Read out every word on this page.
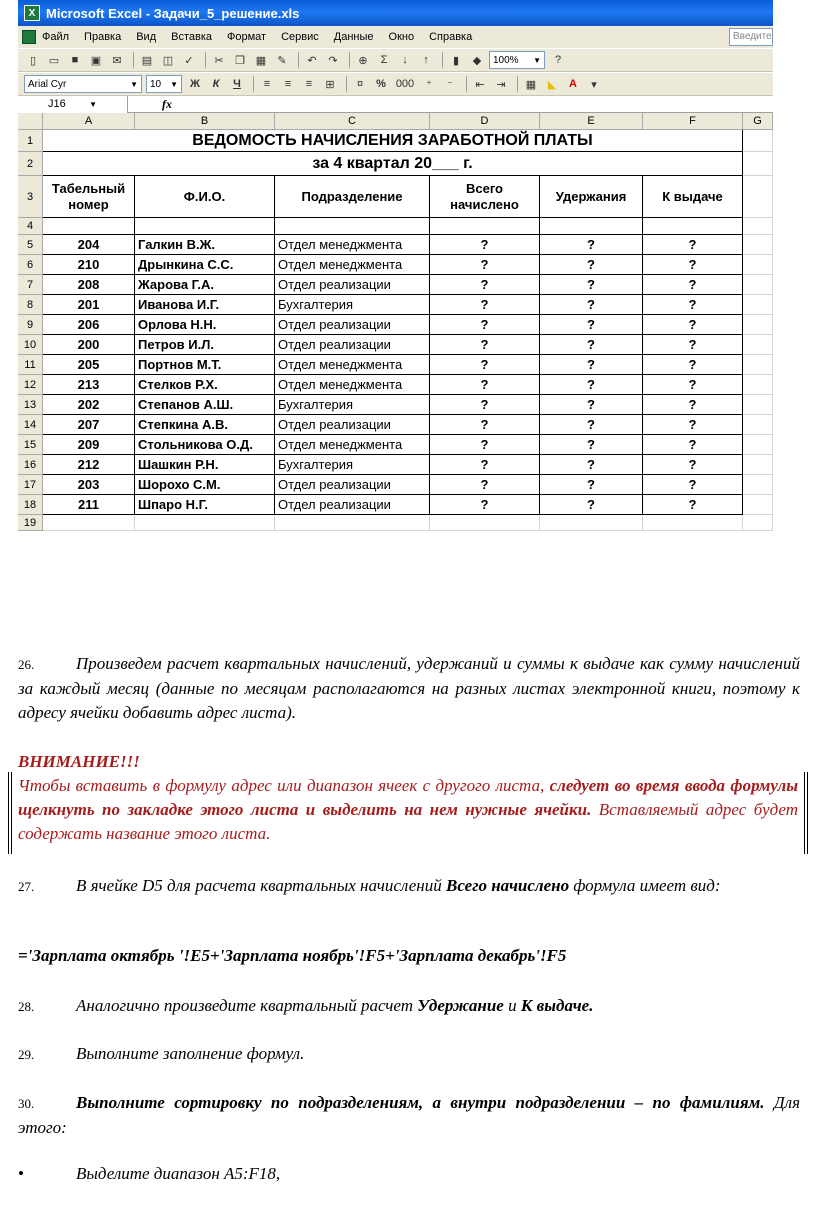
X Microsoft Excel - Задачи_5_решение.xls
Файл Правка Вид Вставка Формат Сервис Данные Окно Справка	Введите
▯	▭	■	▣	✉	▤ ◫	✓	✂	❐ ▦	✎	↶	↷	⊕	Σ	↓	↑	▮	◆	100% ▼	?
Arial Cyr	▼ 10 ▼	Ж	К	Ч	≡	≡	≡	⊞	¤	% 000	⁺	⁻	⇤	⇥	▦	◣	A	▾
J16	▼	fx
A	B	C	D	E	F	G
1
2
3
4
5
6
7
8
9
10
11
12
13
14
15
16
17
18
19
ВЕДОМОСТЬ НАЧИСЛЕНИЯ ЗАРАБОТНОЙ ПЛАТЫ
за 4 квартал 20___ г.
Табельный номер
Ф.И.О.	Подразделение
Всего начислено
Удержания	К выдаче
204	Галкин В.Ж.	Отдел менеджмента	?	?	?
210	Дрынкина С.С.	Отдел менеджмента	?	?	?
208	Жарова Г.А.	Отдел реализации	?	?	?
201	Иванова И.Г.	Бухгалтерия	?	?	?
206	Орлова Н.Н.	Отдел реализации	?	?	?
200	Петров И.Л.	Отдел реализации	?	?	?
205	Портнов М.Т.	Отдел менеджмента	?	?	?
213	Стелков Р.Х.	Отдел менеджмента	?	?	?
202	Степанов А.Ш.	Бухгалтерия	?	?	?
207	Степкина А.В.	Отдел реализации	?	?	?
209	Стольникова О.Д.	Отдел менеджмента	?	?	?
212	Шашкин Р.Н.	Бухгалтерия	?	?	?
203	Шорохо С.М.	Отдел реализации	?	?	?
211	Шпаро Н.Г.	Отдел реализации	?	?	?
26. Произведем расчет квартальных начислений, удержаний и суммы к выдаче как сумму начислений за каждый месяц (данные по месяцам располагаются на разных листах электронной книги, поэтому к адресу ячейки добавить адрес листа).
ВНИМАНИЕ!!!
Чтобы вставить в формулу адрес или диапазон ячеек с другого листа, следует во время ввода формулы щелкнуть по закладке этого листа и выделить на нем нужные ячейки. Вставляемый адрес будет содержать название этого листа.
27. В ячейке D5 для расчета квартальных начислений Всего начислено формула имеет вид:
='Зарплата октябрь '!E5+'Зарплата ноябрь'!F5+'Зарплата декабрь'!F5
28. Аналогично произведите квартальный расчет Удержание и К выдаче.
29. Выполните заполнение формул.
30. Выполните сортировку по подразделениям, а внутри подразделении – по фамилиям. Для этого:
•	Выделите диапазон A5:F18,
